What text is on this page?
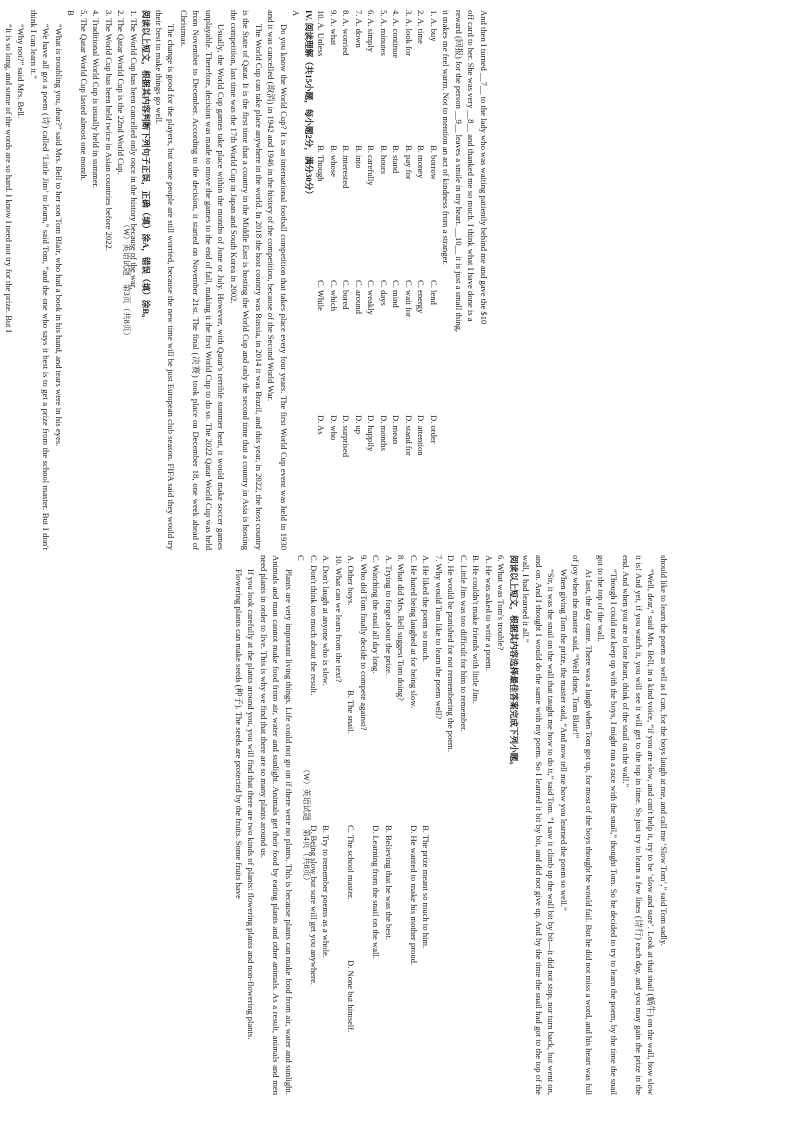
And then I turned __7__ to the lady who was waiting patiently behind me and gave the $10

off card to her. She was very __8__ and thanked me so much. I think what I have done is a

reward (回报) for the person __9__ leaves a smile in my heart. __10__ it is just a small thing,

it makes me feel warm. Not to mention an act of kindness from a stranger.

1. A. buy
B. borrow
C. lend
D. order
2. A. time
B. money
C. energy
D. attention
3. A. look for
B. pay for
C. wait for
D. stand for
4. A. continue
B. stand
C. mind
D. mean
5. A. minutes
B. hours
C. days
D. months
6. A. simply
B. carefully
C. weakly
D. happily
7. A. down
B. into
C. around
D. up
8. A. worried
B. interested
C. bored
D. surprised
9. A. what
B. whose
C. which
D. who
10. A. Unless
B. Though
C. While
D. As

IV. 阅读理解（共15小题，每小题2分，满分30分）

A

Do you know the World Cup? It is an international football competition that takes place every four years. The first World Cup event was held in 1930 and it was cancelled (取消) in 1942 and 1946 in the history of the competition, because of the Second World War.

The World Cup can take place anywhere in the world. In 2018 the host country was Russia, in 2014 it was Brazil, and this year, in 2022, the host country is the State of Qatar. It is the first time that a country in the Middle East is hosting the World Cup and only the second time that a country in Asia is hosting the competition, last time was the 17th World Cup in Japan and South Korea in 2002.

Usually, the World Cup games take place within the months of June or July. However, with Qatar's terrible summer heat, it would make soccer games unplayable. Therefore, decision was made to move the games to the end of fall, making it the first World Cup to do so. The 2022 Qatar World Cup was held from November to December. According to the decision, it started on November 21st. The final (决赛) took place on December 18, one week ahead of Christmas.

The change is good for the players, but some people are still worried, because the new time will be just European club season. FIFA said they would try their best to make things go well.

阅读以上短文，根据其内容判断下列句子正误，正确（填）涂A，错误（填）涂B。

1. The World Cup has been cancelled only once in the history because of the war.

2. The Qatar World Cup is the 22nd World Cup.

3. The World Cup has been held twice in Asian countries before 2022.

4. Traditional World Cup is usually held in summer.

5. The Qatar World Cup lasted almost one month.

B

“What is troubling you, dear?” said Mrs. Bell to her son Tom Blair, who had a book in his hand, and tears were in his eyes.

“We have all got a poem (诗) called ‘Little Jim’ to learn,” said Tom, “and the one who says it best is to get a prize from the school master. But I don't think I can learn it.”

“Why not?” said Mrs. Bell.

“It is so long, and some of the words are so hard. I know I need not try for the prize. But I	（W）英语试题　第3页（共8页）

should like to learn the poem as well as I can, for the boys laugh at me, and call me ‘Slow Tom’,” said Tom sadly.

“Well, dear,” said Mrs. Bell, in a kind voice, “if you are slow, and can't help it, try to be ‘slow and sure’. Look at that snail (蜗牛) on the wall, how slow it is! And yet, if you watch it, you will see it will get to the top in time. So just try to learn a few lines (诗行) each day, and you may gain the prize in the end. And when you are to lose heart, think of the snail on the wall.”

“Though I could not keep up with the boys, I might run a race with the snail,” thought Tom. So he decided to try to learn the poem, by the time the snail got to the top of the wall.

At last, the day came. There was a laugh when Tom got up, for most of the boys thought he would fail. But he did not miss a word, and his heart was full of joy when the master said, “Well done, Tom Blair!”

When giving Tom the prize, the master said, “And now tell me how you learned the poem so well.”

“Sir, it was the snail on the wall that taught me how to do it,” said Tom. “I saw it climb up the wall bit by bit—it did not stop, nor turn back, but went on, and on. And I thought I would do the same with my poem. So I learned it bit by bit, and did not give up. And by the time the snail had got to the top of the wall, I had learned it all.”

阅读以上短文，根据其内容选择最佳答案完成下列小题。

6. What was Tom's trouble?

A. He was asked to write a poem.

B. He couldn't make friends with little Jim.

C. Little Jim was too difficult for him to remember.

D. He would be punished for not remembering the poem.

7. Why would Tom like to learn the poem well?

A. He liked the poem so much.
B. The prize meant so much to him.
C. He hated being laughed at for being slow.
D. He wanted to make his mother proud.

8. What did Mrs. Bell suggest Tom doing?

A. Trying to forget about the prize.
B. Believing that he was the best.
C. Watching the snail all day long.
D. Learning from the snail on the wall.

9. Who did Tom finally decide to compete against?

A. Other boys.
B. The snail.
C. The school master.
D. None but himself.

10. What can we learn from the text?

A. Don't laugh at anyone who is slow.
B. Try to remember poems as a whole.
C. Don't think too much about the result.
D. Being slow but sure will get you anywhere.

C

Plants are very important living things. Life could not go on if there were no plants. This is because plants can make food from air, water and sunlight. Animals and man cannot make food from air, water and sunlight. Animals get their food by eating plants and other animals. As a result, animals and men need plants in order to live. This is why we find that there are so many plants around us.

If you look carefully at the plants around you, you will find that there are two kinds of plants: flowering plants and non-flowering plants.

Flowering plants can make seeds (种子). The seeds are protected by the fruits. Some fruits have	（W）英语试题　第4页（共8页）
